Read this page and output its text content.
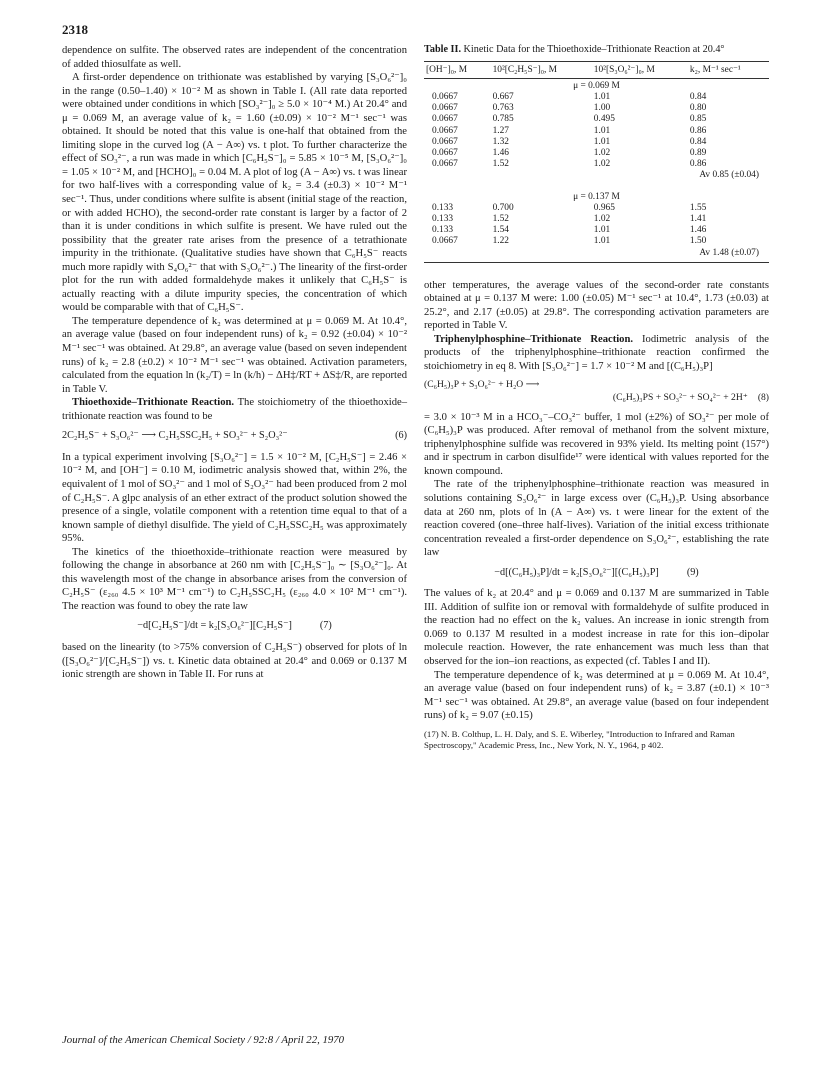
2318

dependence on sulfite. The observed rates are independent of the concentration of added thiosulfate as well.

A first-order dependence on trithionate was established by varying [S₃O₆²⁻]₀ in the range (0.50–1.40) × 10⁻² M as shown in Table I. (All rate data reported were obtained under conditions in which [SO₃²⁻]₀ ≥ 5.0 × 10⁻⁴ M.) At 20.4° and μ = 0.069 M, an average value of k₂ = 1.60 (±0.09) × 10⁻² M⁻¹ sec⁻¹ was obtained. It should be noted that this value is one-half that obtained from the limiting slope in the curved log (A − A∞) vs. t plot. To further characterize the effect of SO₃²⁻, a run was made in which [C₆H₅S⁻]₀ = 5.85 × 10⁻⁵ M, [S₃O₆²⁻]₀ = 1.05 × 10⁻² M, and [HCHO]₀ = 0.04 M. A plot of log (A − A∞) vs. t was linear for two half-lives with a corresponding value of k₂ = 3.4 (±0.3) × 10⁻² M⁻¹ sec⁻¹. Thus, under conditions where sulfite is absent (initial stage of the reaction, or with added HCHO), the second-order rate constant is larger by a factor of 2 than it is under conditions in which sulfite is present. We have ruled out the possibility that the greater rate arises from the presence of a tetrathionate impurity in the trithionate. (Qualitative studies have shown that C₆H₅S⁻ reacts much more rapidly with S₄O₆²⁻ that with S₃O₆²⁻.) The linearity of the first-order plot for the run with added formaldehyde makes it unlikely that C₆H₅S⁻ is actually reacting with a dilute impurity species, the concentration of which would be comparable with that of C₆H₅S⁻.

The temperature dependence of k₂ was determined at μ = 0.069 M. At 10.4°, an average value (based on four independent runs) of k₂ = 0.92 (±0.04) × 10⁻² M⁻¹ sec⁻¹ was obtained. At 29.8°, an average value (based on seven independent runs) of k₂ = 2.8 (±0.2) × 10⁻² M⁻¹ sec⁻¹ was obtained. Activation parameters, calculated from the equation ln (k₂/T) = ln (k/h) − ΔH‡/RT + ΔS‡/R, are reported in Table V.

Thioethoxide–Trithionate Reaction. The stoichiometry of the thioethoxide–trithionate reaction was found to be

2C₂H₅S⁻ + S₃O₆²⁻ ⟶ C₂H₅SSC₂H₅ + SO₃²⁻ + S₂O₃²⁻	(6)

In a typical experiment involving [S₃O₆²⁻] = 1.5 × 10⁻² M, [C₂H₅S⁻] = 2.46 × 10⁻² M, and [OH⁻] = 0.10 M, iodimetric analysis showed that, within 2%, the equivalent of 1 mol of SO₃²⁻ and 1 mol of S₂O₃²⁻ had been produced from 2 mol of C₂H₅S⁻. A glpc analysis of an ether extract of the product solution showed the presence of a single, volatile component with a retention time equal to that of a known sample of diethyl disulfide. The yield of C₂H₅SSC₂H₅ was approximately 95%.

The kinetics of the thioethoxide–trithionate reaction were measured by following the change in absorbance at 260 nm with [C₂H₅S⁻]₀ ∼ [S₃O₆²⁻]₀. At this wavelength most of the change in absorbance arises from the conversion of C₂H₅S⁻ (ε₂₆₀ 4.5 × 10³ M⁻¹ cm⁻¹) to C₂H₅SSC₂H₅ (ε₂₆₀ 4.0 × 10² M⁻¹ cm⁻¹). The reaction was found to obey the rate law

−d[C₂H₅S⁻]/dt = k₂[S₃O₆²⁻][C₂H₅S⁻]	(7)

based on the linearity (to >75% conversion of C₂H₅S⁻) observed for plots of ln ([S₃O₆²⁻]/[C₂H₅S⁻]) vs. t. Kinetic data obtained at 20.4° and 0.069 or 0.137 M ionic strength are shown in Table II. For runs at

Table II. Kinetic Data for the Thioethoxide–Trithionate Reaction at 20.4°
[OH⁻]₀, M	10²[C₂H₅S⁻]₀, M	10²[S₃O₆²⁻]₀, M	k₂, M⁻¹ sec⁻¹
μ = 0.069 M			
0.0667	0.667	1.01	0.84
0.0667	0.763	1.00	0.80
0.0667	0.785	0.495	0.85
0.0667	1.27	1.01	0.86
0.0667	1.32	1.01	0.84
0.0667	1.46	1.02	0.89
0.0667	1.52	1.02	0.86
Av 0.85 (±0.04)			

μ = 0.137 M			
0.133	0.700	0.965	1.55
0.133	1.52	1.02	1.41
0.133	1.54	1.01	1.46
0.0667	1.22	1.01	1.50
Av 1.48 (±0.07)			

other temperatures, the average values of the second-order rate constants obtained at μ = 0.137 M were: 1.00 (±0.05) M⁻¹ sec⁻¹ at 10.4°, 1.73 (±0.03) at 25.2°, and 2.17 (±0.05) at 29.8°. The corresponding activation parameters are reported in Table V.

Triphenylphosphine–Trithionate Reaction. Iodimetric analysis of the products of the triphenylphosphine–trithionate reaction confirmed the stoichiometry in eq 8. With [S₃O₆²⁻] = 1.7 × 10⁻² M and [(C₆H₅)₃P]

(C₆H₅)₃P + S₃O₆²⁻ + H₂O ⟶
(C₆H₅)₃PS + SO₃²⁻ + SO₄²⁻ + 2H⁺ (8)

= 3.0 × 10⁻³ M in a HCO₃⁻–CO₃²⁻ buffer, 1 mol (±2%) of SO₃²⁻ per mole of (C₆H₅)₃P was produced. After removal of methanol from the solvent mixture, triphenylphosphine sulfide was recovered in 93% yield. Its melting point (157°) and ir spectrum in carbon disulfide¹⁷ were identical with values reported for the known compound.

The rate of the triphenylphosphine–trithionate reaction was measured in solutions containing S₃O₆²⁻ in large excess over (C₆H₅)₃P. Using absorbance data at 260 nm, plots of ln (A − A∞) vs. t were linear for the extent of the reaction covered (one–three half-lives). Variation of the initial excess trithionate concentration revealed a first-order dependence on S₃O₆²⁻, establishing the rate law

−d[(C₆H₅)₃P]/dt = k₂[S₃O₆²⁻][(C₆H₅)₃P]	(9)

The values of k₂ at 20.4° and μ = 0.069 and 0.137 M are summarized in Table III. Addition of sulfite ion or removal with formaldehyde of sulfite produced in the reaction had no effect on the k₂ values. An increase in ionic strength from 0.069 to 0.137 M resulted in a modest increase in rate for this ion–dipolar molecule reaction. However, the rate enhancement was much less than that observed for the ion–ion reactions, as expected (cf. Tables I and II).

The temperature dependence of k₂ was determined at μ = 0.069 M. At 10.4°, an average value (based on four independent runs) of k₂ = 3.87 (±0.1) × 10⁻³ M⁻¹ sec⁻¹ was obtained. At 29.8°, an average value (based on four independent runs) of k₂ = 9.07 (±0.15)

(17) N. B. Colthup, L. H. Daly, and S. E. Wiberley, "Introduction to Infrared and Raman Spectroscopy," Academic Press, Inc., New York, N. Y., 1964, p 402.
Journal of the American Chemical Society / 92:8 / April 22, 1970
